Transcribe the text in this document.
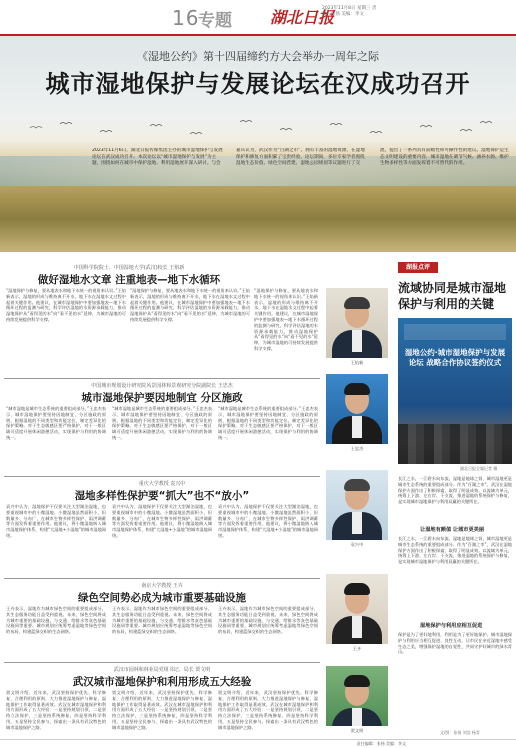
16
专题 湖北日报
2023年11月8日 星期三 责编：张扬 美编：李文
《湿地公约》第十四届缔约方大会举办一周年之际
城市湿地保护与发展论坛在汉成功召开
2023年11月6日，湖北日报传媒集团主办的城市湿地保护与发展论坛在武汉成功召开。本次论坛以“城市湿地保护与发展”为主题，围绕如何在城市中保护湿地、利用湿地展开深入研讨。与会嘉宾认为，武汉作为“百湖之市”，拥有丰富的湿地资源，在湿地保护和修复方面积累了宝贵经验。论坛期间，多位专家学者围绕湿地生态价值、绿色空间营建、湿地公园规划等议题进行了交流，提出了一系列具有前瞻性和可操作性的建议。湿地保护是生态文明建设的重要内容，城市湿地在调节气候、涵养水源、维护生物多样性等方面发挥着不可替代的作用。
中国科学院院士、中国湿地大学(武汉)校长 王焰新
做好湿地水文章 注重地表—地下水循环
“湿地保护与修复，要从地表水和地下水统一的视角来认识。”王焰新表示，湿地的形成与维持离不开水，地下水在湿地水文过程中起着关键作用。他建议，在城市湿地保护中要加强地表—地下水循环过程的监测与研究，科学评估湿地的水资源承载能力，推动湿地保护从“看得见的水”向“看不见的水”延伸，为城市湿地的可持续发展提供科学支撑。
“湿地保护与修复，要从地表水和地下水统一的视角来认识。”王焰新表示，湿地的形成与维持离不开水，地下水在湿地水文过程中起着关键作用。他建议，在城市湿地保护中要加强地表—地下水循环过程的监测与研究，科学评估湿地的水资源承载能力，推动湿地保护从“看得见的水”向“看不见的水”延伸，为城市湿地的可持续发展提供科学支撑。
“湿地保护与修复，要从地表水和地下水统一的视角来认识。”王焰新表示，湿地的形成与维持离不开水，地下水在湿地水文过程中起着关键作用。他建议，在城市湿地保护中要加强地表—地下水循环过程的监测与研究，科学评估湿地的水资源承载能力，推动湿地保护从“看得见的水”向“看不见的水”延伸，为城市湿地的可持续发展提供科学支撑。
中国城市规划设计研究院风景园林和景观研究分院副院长 王忠杰
城市湿地保护要因地制宜 分区施政
“城市湿地是城市生态系统的重要组成部分。”王忠杰表示，城市湿地保护要坚持因地制宜、分区施政的原则，根据湿地的不同类型和功能定位，制定差异化的保护策略。对于生态敏感区要严格保护，对于一般区域可适度开展休闲游憩活动，实现保护与利用的协调统一。
“城市湿地是城市生态系统的重要组成部分。”王忠杰表示，城市湿地保护要坚持因地制宜、分区施政的原则，根据湿地的不同类型和功能定位，制定差异化的保护策略。对于生态敏感区要严格保护，对于一般区域可适度开展休闲游憩活动，实现保护与利用的协调统一。
“城市湿地是城市生态系统的重要组成部分。”王忠杰表示，城市湿地保护要坚持因地制宜、分区施政的原则，根据湿地的不同类型和功能定位，制定差异化的保护策略。对于生态敏感区要严格保护，对于一般区域可适度开展休闲游憩活动，实现保护与利用的协调统一。
重庆大学教授 袁兴中
湿地多样性保护要“抓大”也不“放小”
袁兴中认为，湿地保护不仅要关注大型湖泊湿地，也要重视城市中的小微湿地。小微湿地虽然面积小，但数量多、分布广，在城市生物多样性保护、雨洪调蓄等方面发挥着重要作用。他建议，将小微湿地纳入城市湿地保护体系，构建“大湿地+小湿地”的城市湿地网络。
袁兴中认为，湿地保护不仅要关注大型湖泊湿地，也要重视城市中的小微湿地。小微湿地虽然面积小，但数量多、分布广，在城市生物多样性保护、雨洪调蓄等方面发挥着重要作用。他建议，将小微湿地纳入城市湿地保护体系，构建“大湿地+小湿地”的城市湿地网络。
袁兴中认为，湿地保护不仅要关注大型湖泊湿地，也要重视城市中的小微湿地。小微湿地虽然面积小，但数量多、分布广，在城市生物多样性保护、雨洪调蓄等方面发挥着重要作用。他建议，将小微湿地纳入城市湿地保护体系，构建“大湿地+小湿地”的城市湿地网络。
南京大学教授 王卉
绿色空间势必成为城市重要基础设施
王卉表示，湿地作为城市绿色空间的重要组成部分，其生态服务功能日益受到重视。未来，绿色空间将成为城市重要的基础设施，与交通、给排水等灰色基础设施同等重要。城市规划应统筹考虑湿地等绿色空间的布局，构建蓝绿交织的生态网络。
王卉表示，湿地作为城市绿色空间的重要组成部分，其生态服务功能日益受到重视。未来，绿色空间将成为城市重要的基础设施，与交通、给排水等灰色基础设施同等重要。城市规划应统筹考虑湿地等绿色空间的布局，构建蓝绿交织的生态网络。
王卉表示，湿地作为城市绿色空间的重要组成部分，其生态服务功能日益受到重视。未来，绿色空间将成为城市重要的基础设施，与交通、给排水等灰色基础设施同等重要。城市规划应统筹考虑湿地等绿色空间的布局，构建蓝绿交织的生态网络。
武汉市园林和林业局党组书记、局长 贾文明
武汉城市湿地保护和利用形成五大经验
贾文明介绍，近年来，武汉坚持保护优先、科学修复、合理利用的原则，大力推进湿地保护与修复，湿地保护工作取得显著成效。武汉在城市湿地保护和利用方面形成了五大经验：一是坚持规划引领，二是坚持立法保护，三是坚持系统修复，四是坚持科学利用，五是坚持全民参与，探索出一条具有武汉特色的城市湿地保护之路。
贾文明介绍，近年来，武汉坚持保护优先、科学修复、合理利用的原则，大力推进湿地保护与修复，湿地保护工作取得显著成效。武汉在城市湿地保护和利用方面形成了五大经验：一是坚持规划引领，二是坚持立法保护，三是坚持系统修复，四是坚持科学利用，五是坚持全民参与，探索出一条具有武汉特色的城市湿地保护之路。
贾文明介绍，近年来，武汉坚持保护优先、科学修复、合理利用的原则，大力推进湿地保护与修复，湿地保护工作取得显著成效。武汉在城市湿地保护和利用方面形成了五大经验：一是坚持规划引领，二是坚持立法保护，三是坚持系统修复，四是坚持科学利用，五是坚持全民参与，探索出一条具有武汉特色的城市湿地保护之路。
王焰新
王忠杰
袁兴中
王卉
贾文明
湖报点评
流域协同是城市湿地保护与利用的关键
湿地公约·城市湿地保护与发展论坛 战略合作协议签约仪式
湖北日报全媒记者 摄
长江之水，一江碧水向东流。湿地是地球之肾，城市湿地更是城市生态系统的重要组成部分。作为“百湖之市”，武汉在湿地保护方面作出了积极探索，取得了明显成效。以流域为单元，统筹上下游、左右岸、干支流，推进湿地的系统保护与修复，是实现城市湿地保护与利用双赢的关键所在。
让湿地有颜值 让城市更美丽
长江之水，一江碧水向东流。湿地是地球之肾，城市湿地更是城市生态系统的重要组成部分。作为“百湖之市”，武汉在湿地保护方面作出了积极探索，取得了明显成效。以流域为单元，统筹上下游、左右岸、干支流，推进湿地的系统保护与修复，是实现城市湿地保护与利用双赢的关键所在。
湿地保护与利用应相互促进
保护是为了更好地利用，利用是为了更好地保护。城市湿地保护与利用应当相互促进、良性互动，让市民在亲近湿地中感受生态之美，增强保护湿地的自觉性，共同守护好城市的绿水青山。
文/图：张扬 刘浩 杨青
责任编辑：张扬 美编：李文
